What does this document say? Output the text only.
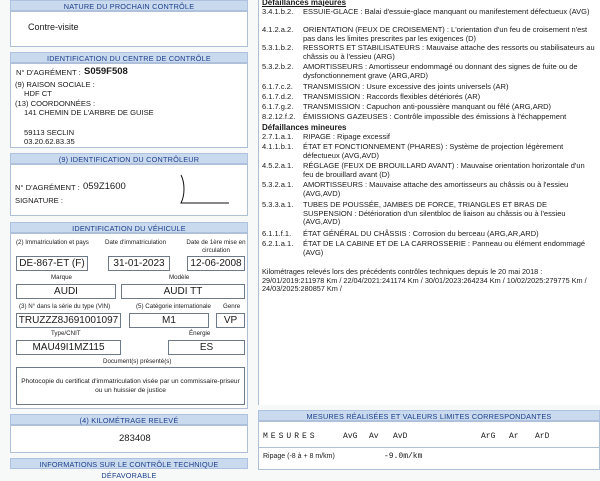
NATURE DU PROCHAIN CONTRÔLE
Contre-visite
IDENTIFICATION DU CENTRE DE CONTRÔLE
N° D'AGRÉMENT : S059F508
(9) RAISON SOCIALE :
HDF CT
(13) COORDONNÉES :
141 CHEMIN DE L'ARBRE DE GUISE
59113 SECLIN
03.20.62.83.35
(9) IDENTIFICATION DU CONTRÔLEUR
N° D'AGRÉMENT : 059Z1600
SIGNATURE :
IDENTIFICATION DU VÉHICULE
(2) Immatriculation et pays	Date d'immatriculation	Date de 1ère mise en circulation
DE-867-ET (F)	31-01-2023	12-06-2008
Marque	Modèle
AUDI	AUDI TT
(3) N° dans la série du type (VIN)	(5) Catégorie internationale Genre
TRUZZZ8J691001097	M1	VP
Type/CNIT	Énergie
MAU49I1MZ115	ES
Document(s) présenté(s)
Photocopie du certificat d'immatriculation visée par un commissaire-priseur ou un huissier de justice
(4) KILOMÉTRAGE RELEVÉ
283408
INFORMATIONS SUR LE CONTRÔLE TECHNIQUE DÉFAVORABLE
Défaillances majeures
3.4.1.b.2.	ESSUIE-GLACE : Balai d'essuie-glace manquant ou manifestement défectueux (AVG)
4.1.2.a.2.	ORIENTATION (FEUX DE CROISEMENT) : L'orientation d'un feu de croisement n'est pas dans les limites prescrites par les exigences (D)
5.3.1.b.2.	RESSORTS ET STABILISATEURS : Mauvaise attache des ressorts ou stabilisateurs au châssis ou à l'essieu (ARG)
5.3.2.b.2.	AMORTISSEURS : Amortisseur endommagé ou donnant des signes de fuite ou de dysfonctionnement grave (ARG,ARD)
6.1.7.c.2.	TRANSMISSION : Usure excessive des joints universels (AR)
6.1.7.d.2.	TRANSMISSION : Raccords flexibles détériorés (AR)
6.1.7.g.2.	TRANSMISSION : Capuchon anti-poussière manquant ou fêlé (ARG,ARD)
8.2.12.f.2.	ÉMISSIONS GAZEUSES : Contrôle impossible des émissions à l'échappement
Défaillances mineures
2.7.1.a.1.	RIPAGE : Ripage excessif
4.1.1.b.1.	ÉTAT ET FONCTIONNEMENT (PHARES) : Système de projection légèrement défectueux (AVG,AVD)
4.5.2.a.1.	RÉGLAGE (FEUX DE BROUILLARD AVANT) : Mauvaise orientation horizontale d'un feu de brouillard avant (D)
5.3.2.a.1.	AMORTISSEURS : Mauvaise attache des amortisseurs au châssis ou à l'essieu (AVG,AVD)
5.3.3.a.1.	TUBES DE POUSSÉE, JAMBES DE FORCE, TRIANGLES ET BRAS DE SUSPENSION : Détérioration d'un silentbloc de liaison au châssis ou à l'essieu (AVG,AVD)
6.1.1.f.1.	ÉTAT GÉNÉRAL DU CHÂSSIS : Corrosion du berceau (ARG,AR,ARD)
6.2.1.a.1.	ÉTAT DE LA CABINE ET DE LA CARROSSERIE : Panneau ou élément endommagé (AVG)
Kilométrages relevés lors des précédents contrôles techniques depuis le 20 mai 2018 : 29/01/2019:211978 Km / 22/04/2021:241174 Km / 30/01/2023:264234 Km / 10/02/2025:279775 Km / 24/03/2025:280857 Km /
MESURES RÉALISÉES ET VALEURS LIMITES CORRESPONDANTES
MESURES	AvG Av AvD	ArG Ar ArD
Ripage (-8 à + 8 m/km)	-9.0m/km
